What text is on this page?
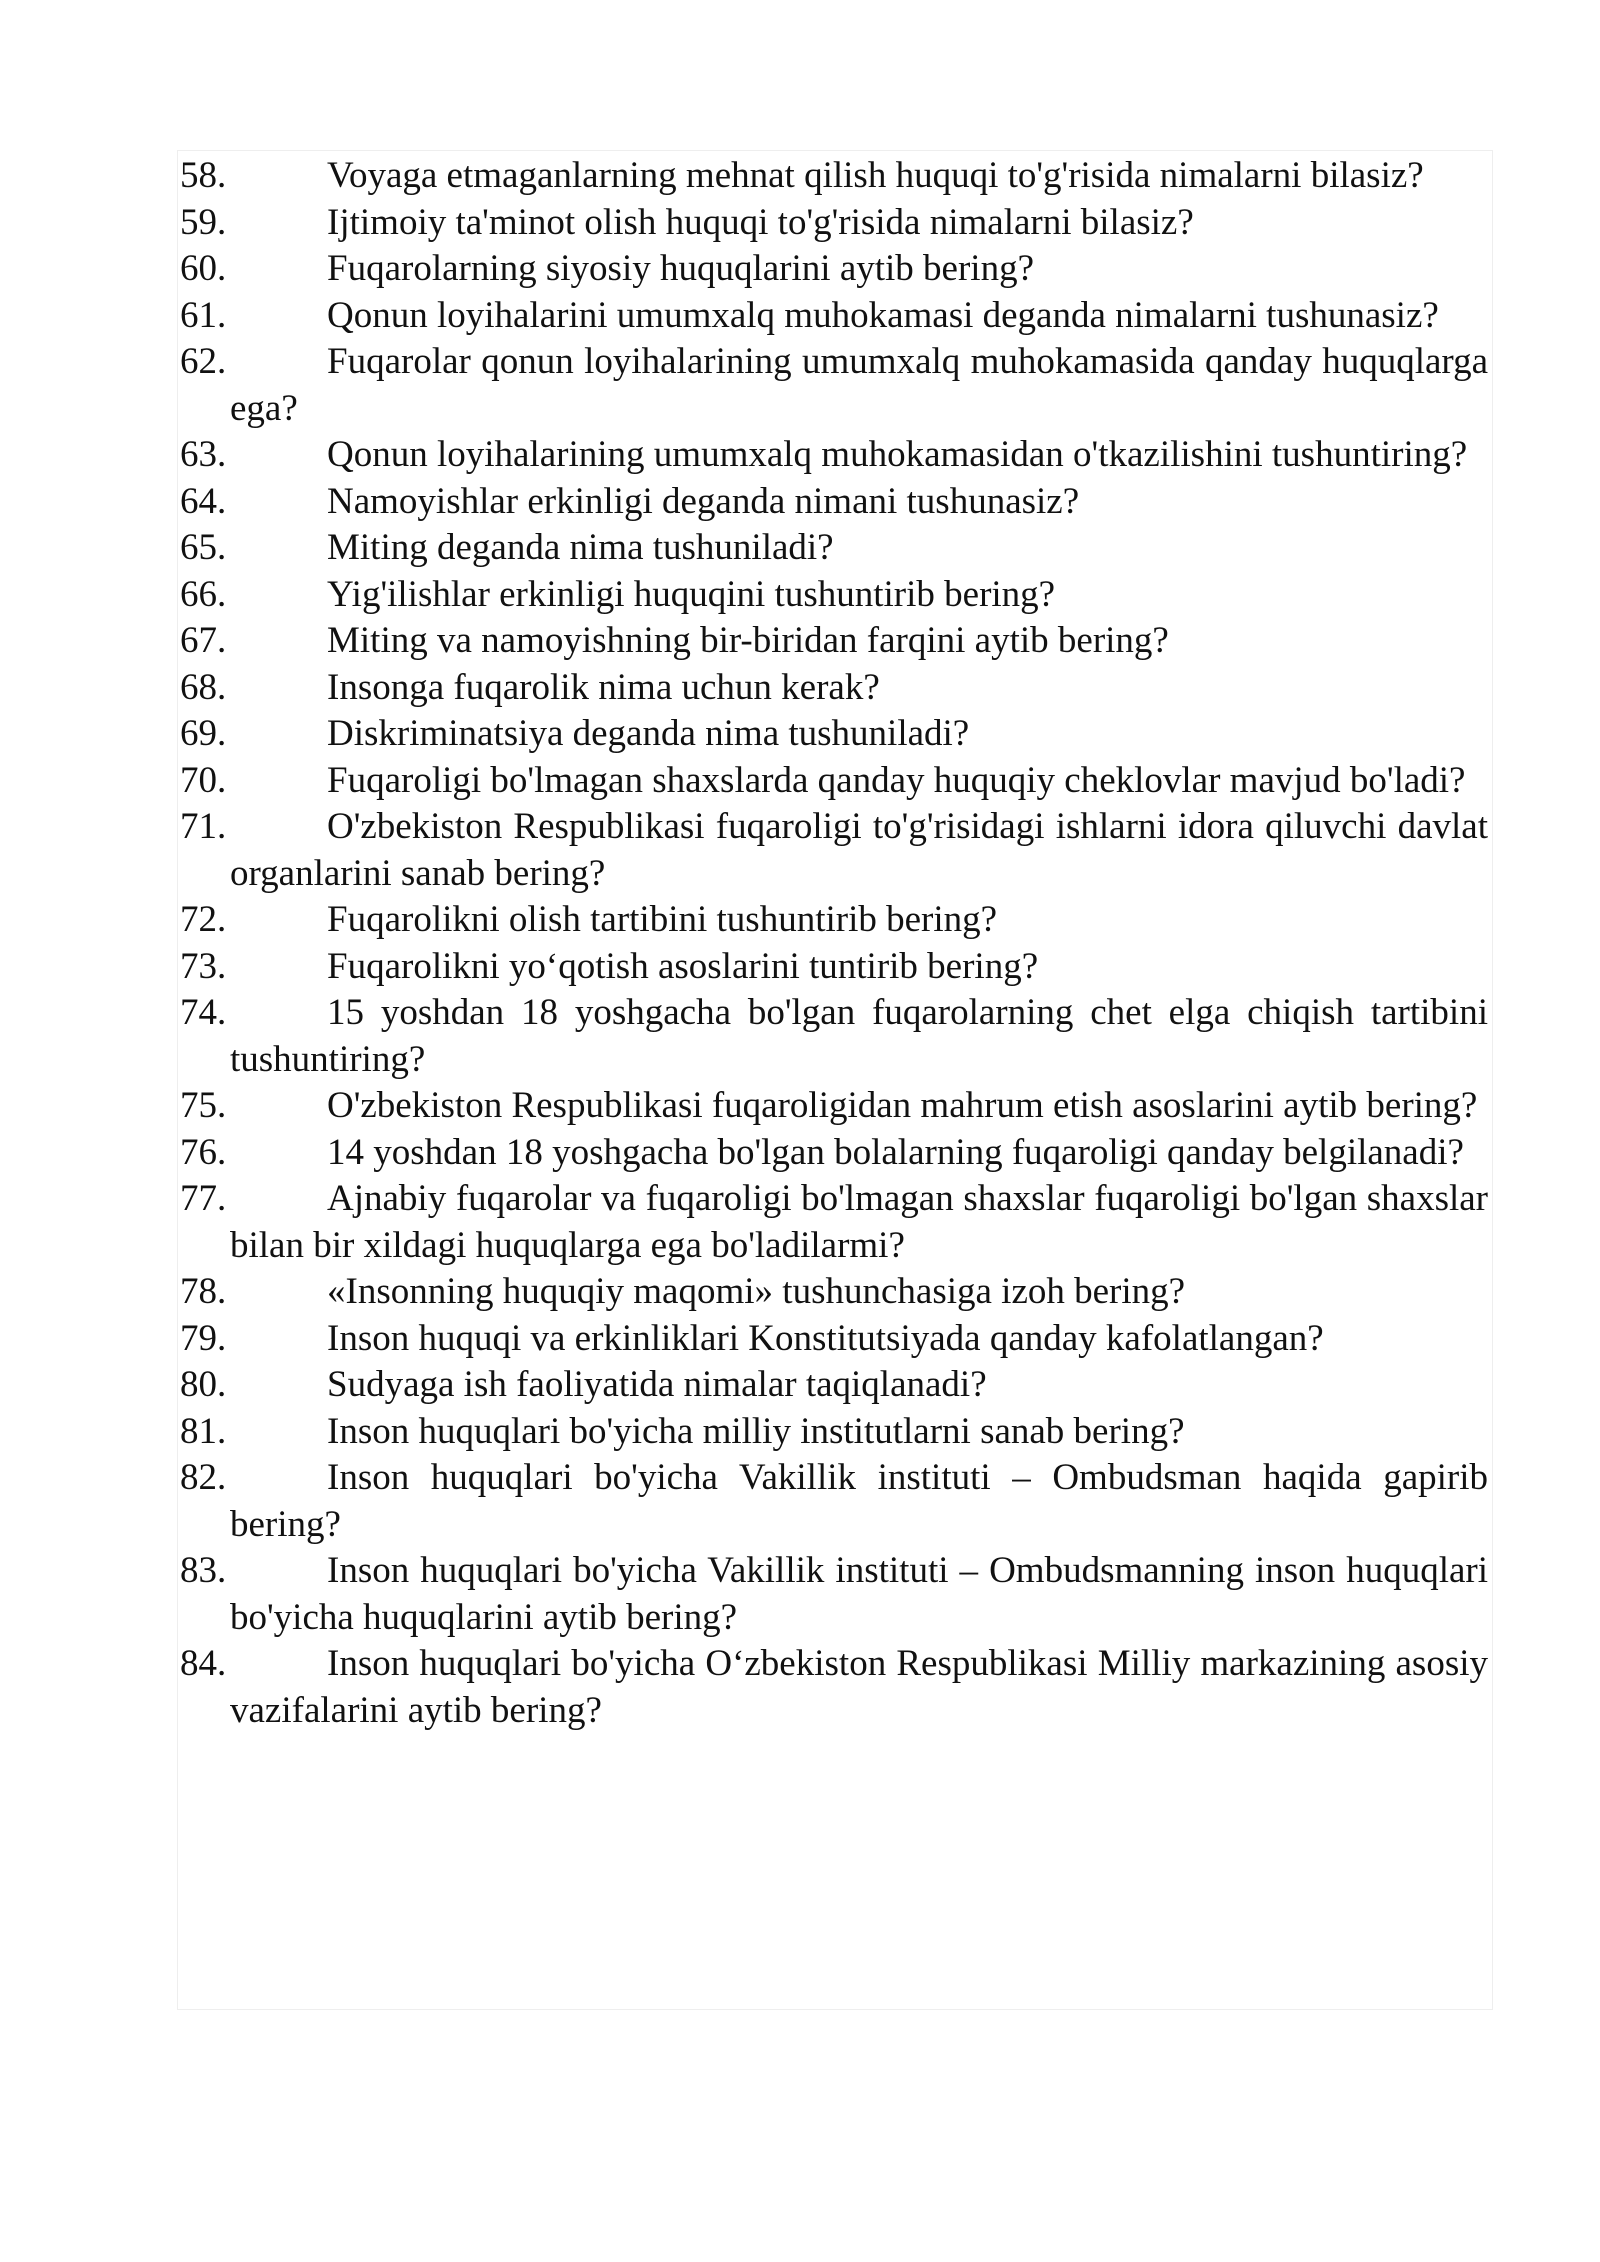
58.	Voyaga etmaganlarning mehnat qilish huquqi to'g'risida nimalarni bilasiz?

59.	Ijtimoiy ta'minot olish huquqi to'g'risida nimalarni bilasiz?

60.	Fuqarolarning siyosiy huquqlarini aytib bering?

61.	Qonun loyihalarini umumxalq muhokamasi deganda nimalarni tushunasiz?

62.	Fuqarolar qonun loyihalarining umumxalq muhokamasida qanday huquqlarga ega?

63.	Qonun loyihalarining umumxalq muhokamasidan o'tkazilishini tushuntiring?

64.	Namoyishlar erkinligi deganda nimani tushunasiz?

65.	Miting deganda nima tushuniladi?

66.	Yig'ilishlar erkinligi huquqini tushuntirib bering?

67.	Miting va namoyishning bir-biridan farqini aytib bering?

68.	Insonga fuqarolik nima uchun kerak?

69.	Diskriminatsiya deganda nima tushuniladi?

70.	Fuqaroligi bo'lmagan shaxslarda qanday huquqiy cheklovlar mavjud bo'ladi?

71.	O'zbekiston Respublikasi fuqaroligi to'g'risidagi ishlarni idora qiluvchi davlat organlarini sanab bering?

72.	Fuqarolikni olish tartibini tushuntirib bering?

73.	Fuqarolikni yo‘qotish asoslarini tuntirib bering?

74.	15 yoshdan 18 yoshgacha bo'lgan fuqarolarning chet elga chiqish tartibini tushuntiring?

75.	O'zbekiston Respublikasi fuqaroligidan mahrum etish asoslarini aytib bering?

76.	14 yoshdan 18 yoshgacha bo'lgan bolalarning fuqaroligi qanday belgilanadi?

77.	Ajnabiy fuqarolar va fuqaroligi bo'lmagan shaxslar fuqaroligi bo'lgan shaxslar bilan bir xildagi huquqlarga ega bo'ladilarmi?

78.	«Insonning huquqiy maqomi» tushunchasiga izoh bering?

79.	Inson huquqi va erkinliklari Konstitutsiyada qanday kafolatlangan?

80.	Sudyaga ish faoliyatida nimalar taqiqlanadi?

81.	Inson huquqlari bo'yicha milliy institutlarni sanab bering?

82.	Inson huquqlari bo'yicha Vakillik instituti – Ombudsman haqida gapirib bering?

83.	Inson huquqlari bo'yicha Vakillik instituti – Ombudsmanning inson huquqlari bo'yicha huquqlarini aytib bering?

84.	Inson huquqlari bo'yicha O‘zbekiston Respublikasi Milliy markazining asosiy vazifalarini aytib bering?
